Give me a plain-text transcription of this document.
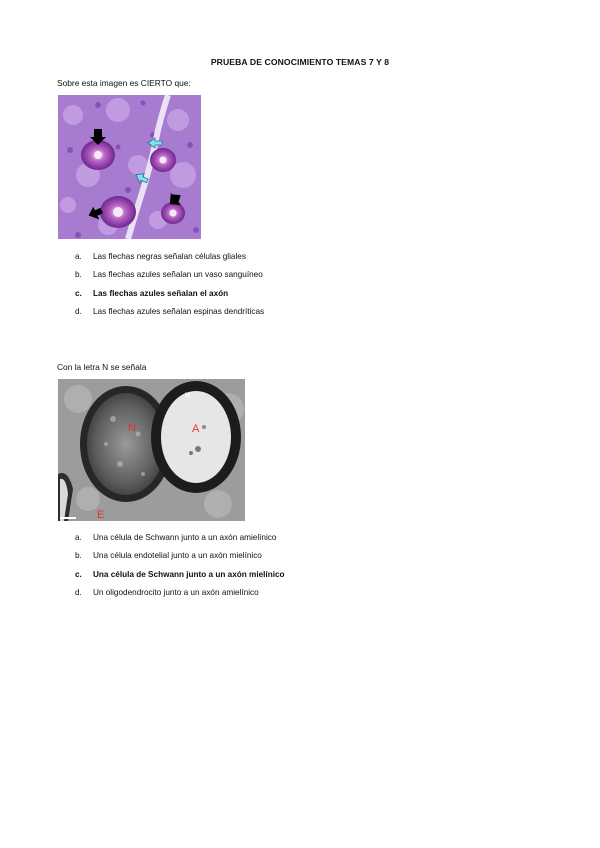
PRUEBA DE CONOCIMIENTO TEMAS 7 Y 8
Sobre esta imagen es CIERTO que:
a.	Las flechas negras señalan células gliales
b.	Las flechas azules señalan un vaso sanguíneo
c.	Las flechas azules señalan el axón
d.	Las flechas azules señalan espinas dendríticas
Con la letra N se señala
N	A
M
E
a.	Una célula de Schwann junto a un axón amielínico
b.	Una célula endotelial junto a un axón mielínico
c.	Una célula de Schwann junto a un axón mielínico
d.	Un oligodendrocito junto a un axón amielínico
